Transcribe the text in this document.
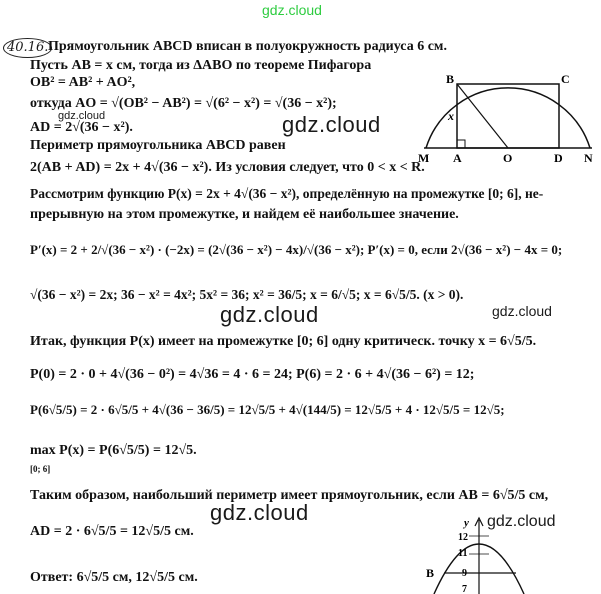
gdz.cloud
gdz.cloud	gdz.cloud
gdz.cloud	gdz.cloud
gdz.cloud	gdz.cloud
40.16. Прямоугольник ABCD вписан в полуокружность радиуса 6 см.
Пусть AB = x см, тогда из ΔABO по теореме Пифагора
OB² = AB² + AO²,
откуда AO = √(OB² − AB²) = √(6² − x²) = √(36 − x²);
AD = 2√(36 − x²).
Периметр прямоугольника ABCD равен
2(AB + AD) = 2x + 4√(36 − x²). Из условия следует, что 0 < x < R.
Рассмотрим функцию P(x) = 2x + 4√(36 − x²), определённую на промежутке [0; 6], не-
прерывную на этом промежутке, и найдем её наибольшее значение.
P′(x) = 2 + 2/√(36 − x²) · (−2x) = (2√(36 − x²) − 4x)/√(36 − x²); P′(x) = 0, если 2√(36 − x²) − 4x = 0;
√(36 − x²) = 2x; 36 − x² = 4x²; 5x² = 36; x² = 36/5; x = 6/√5; x = 6√5/5. (x > 0).
Итак, функция P(x) имеет на промежутке [0; 6] одну критическ. точку x = 6√5/5.
P(0) = 2 · 0 + 4√(36 − 0²) = 4√36 = 4 · 6 = 24; P(6) = 2 · 6 + 4√(36 − 6²) = 12;
P(6√5/5) = 2 · 6√5/5 + 4√(36 − 36/5) = 12√5/5 + 4√(144/5) = 12√5/5 + 4 · 12√5/5 = 12√5;
max P(x) = P(6√5/5) = 12√5.
[0; 6]
Таким образом, наибольший периметр имеет прямоугольник, если AB = 6√5/5 см,
AD = 2 · 6√5/5 = 12√5/5 см.
Ответ: 6√5/5 см, 12√5/5 см.
B	C
x
M A	O	D N
y
12
11
9
7
B
